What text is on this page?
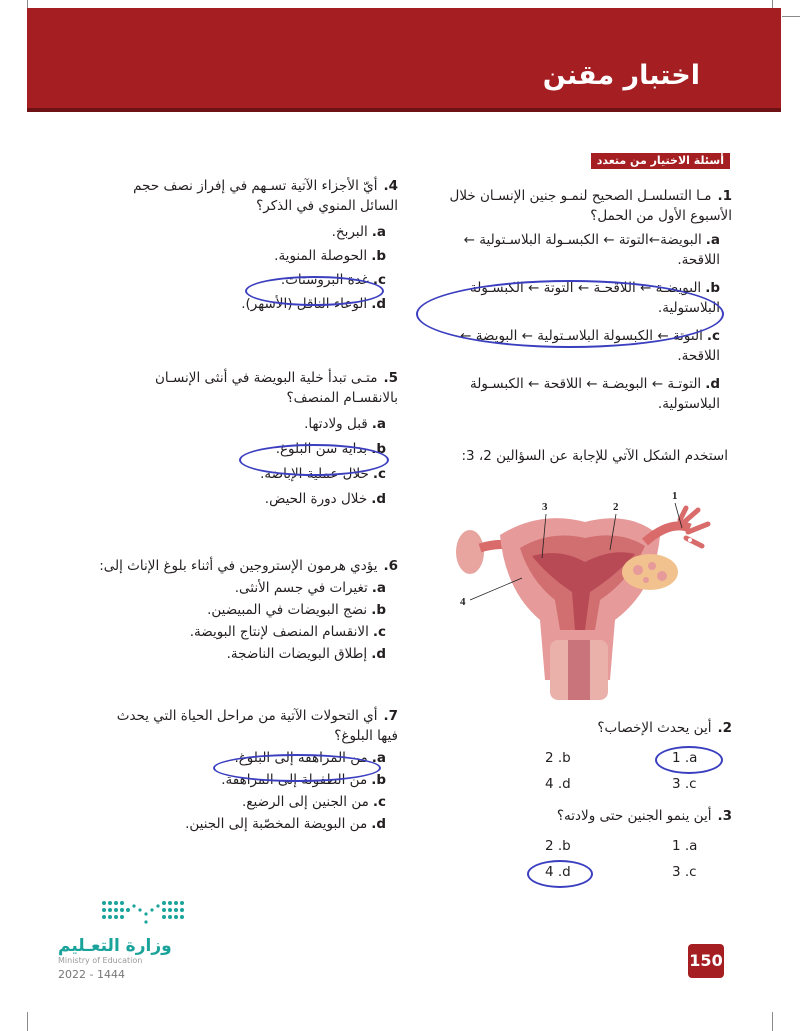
اختبار مقنن
أسئلة الاختيار من متعدد

1.مـا التسلسـل الصحيح لنمـو جنين الإنسـان خلال الأسبوع الأول من الحمل؟

a.البويضة←التوتة ← الكبسـولة البلاسـتولية ← اللاقحة.

b.البويضـة ← اللاقحـة ← التوتة ← الكبسـولة البلاستولية.

c.التوتة ← الكبسولة البلاسـتولية ← البويضة ← اللاقحة.

d.التوتـة ← البويضـة ← اللاقحة ← الكبسـولة البلاستولية.

استخدم الشكل الآتي للإجابة عن السؤالين 2، 3:
1
2
3
4

2.أين يحدث الإخصاب؟

1 .a
2 .b
3 .c
4 .d

3.أين ينمو الجنين حتى ولادته؟

1 .a
2 .b
3 .c
4 .d

4.أيّ الأجزاء الآتية تسـهم في إفراز نصف حجم السائل المنوي في الذكر؟

a.البربخ.

b.الحوصلة المنوية.

c.غدة البروستات.

d.الوعاء الناقل (الأسهر).

5.متـى تبدأ خلية البويضة في أنثى الإنسـان بالانقسـام المنصف؟

a.قبل ولادتها.

b.بداية سن البلوغ.

c.خلال عملية الإباضة.

d.خلال دورة الحيض.

6.يؤدي هرمون الإستروجين في أثناء بلوغ الإناث إلى:

a.تغيرات في جسم الأنثى.

b.نضج البويضات في المبيضين.

c.الانقسام المنصف لإنتاج البويضة.

d.إطلاق البويضات الناضجة.

7.أي التحولات الآتية من مراحل الحياة التي يحدث فيها البلوغ؟

a.من المراهقة إلى البلوغ.

b.من الطفولة إلى المراهقة.

c.من الجنين إلى الرضيع.

d.من البويضة المخصّبة إلى الجنين.

وزارة التعـليم
Ministry of Education
2022 - 1444
150
